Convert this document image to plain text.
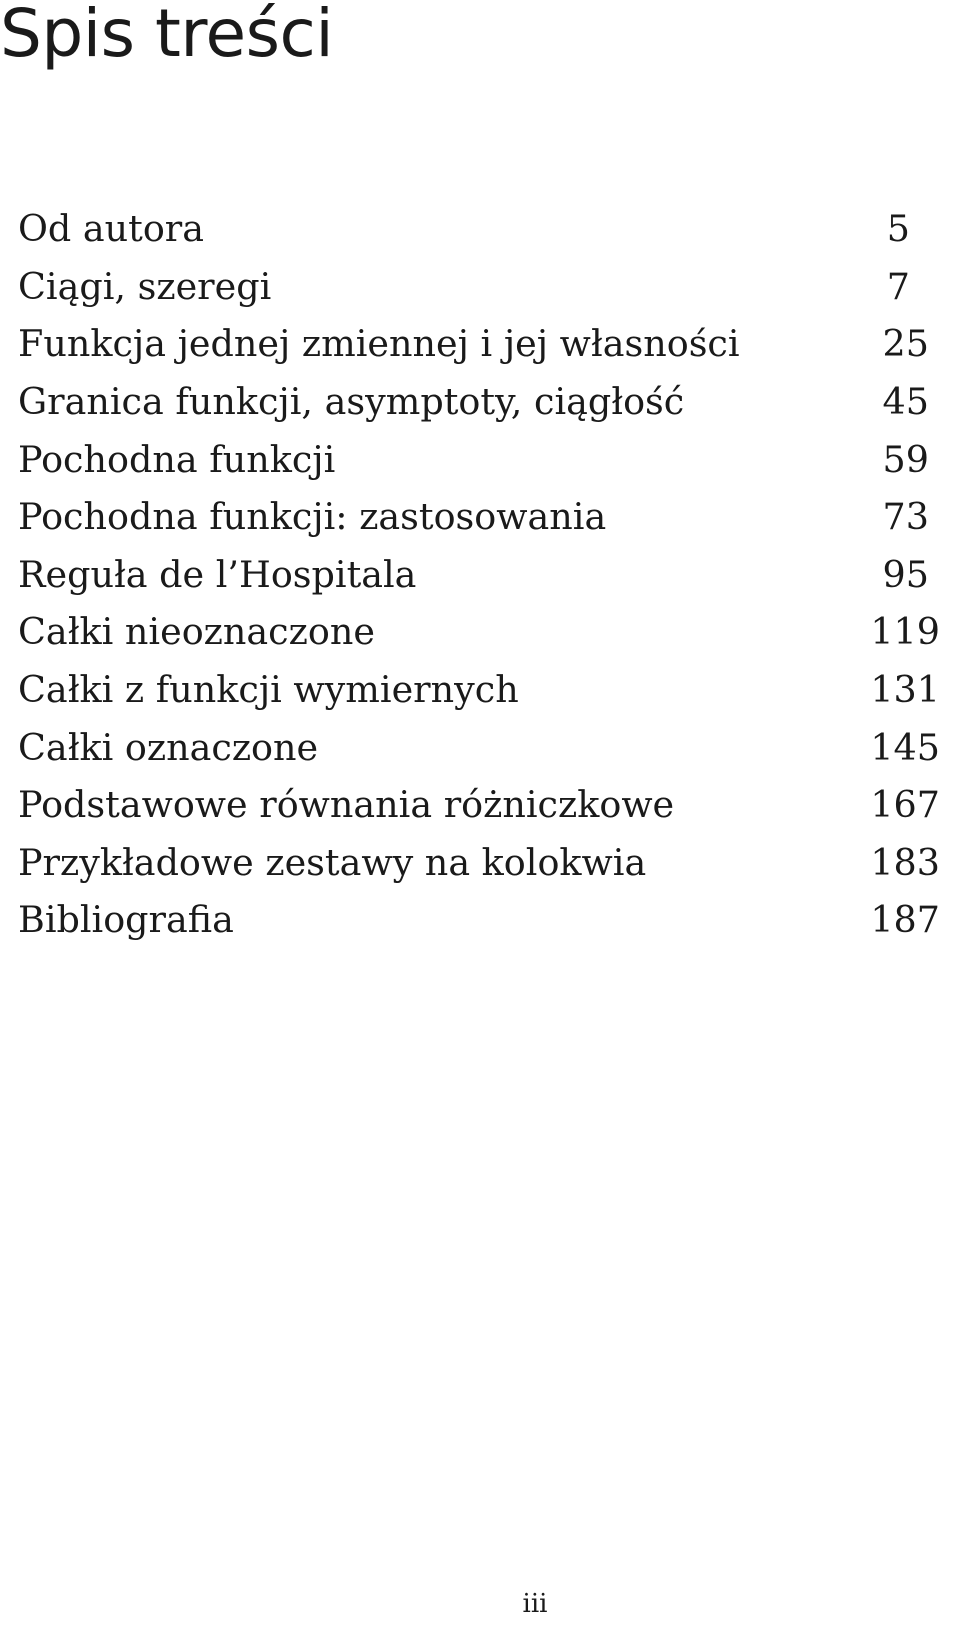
Spis treści
Od autora	5
Ciągi, szeregi	7
Funkcja jednej zmiennej i jej własności	25
Granica funkcji, asymptoty, ciągłość	45
Pochodna funkcji	59
Pochodna funkcji: zastosowania	73
Reguła de l’Hospitala	95
Całki nieoznaczone	119
Całki z funkcji wymiernych	131
Całki oznaczone	145
Podstawowe równania różniczkowe	167
Przykładowe zestawy na kolokwia	183
Bibliografia	187
iii
